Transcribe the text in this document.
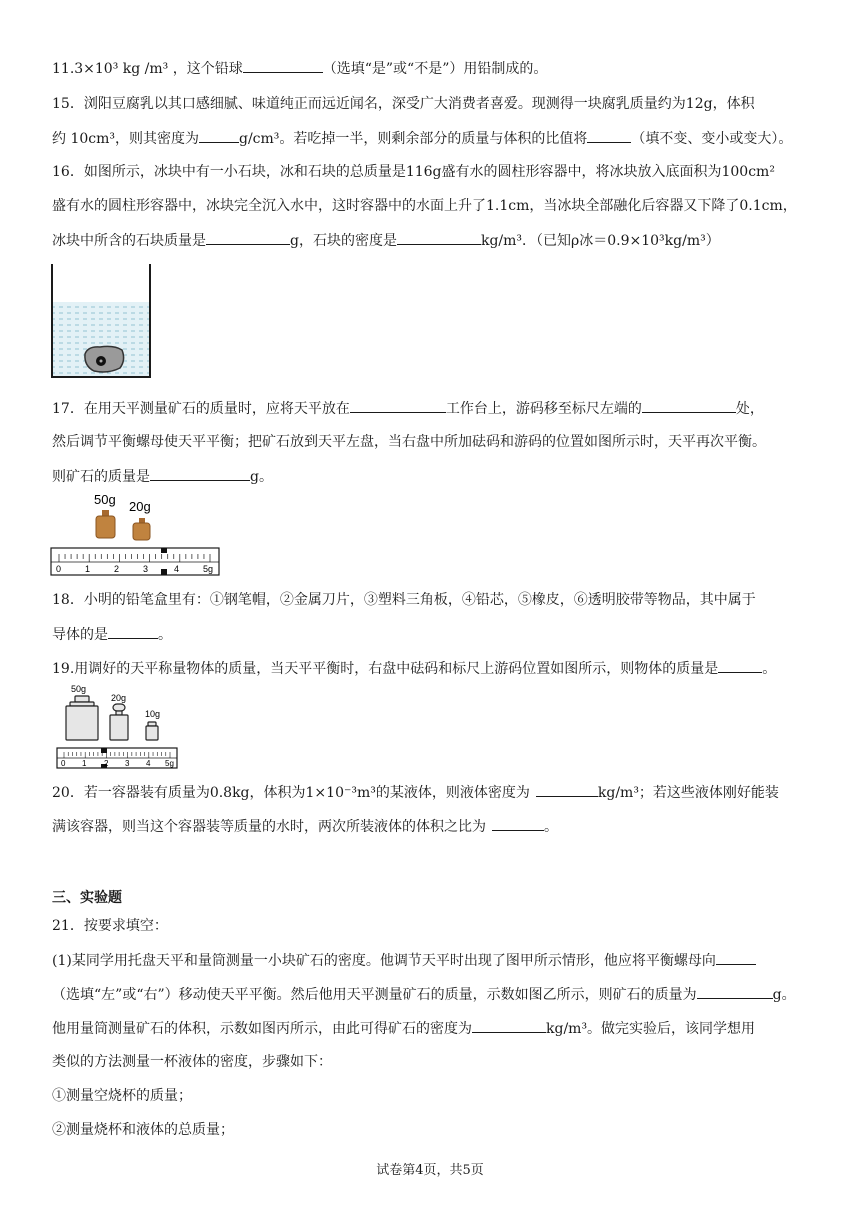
11.3×10³ kg /m³ ，这个铅球	（选填“是”或“不是”）用铅制成的。
15．浏阳豆腐乳以其口感细腻、味道纯正而远近闻名，深受广大消费者喜爱。现测得一块腐乳质量约为12g，体积
约 10cm³，则其密度为	g/cm³。若吃掉一半，则剩余部分的质量与体积的比值将	（填不变、变小或变大）。
16．如图所示，冰块中有一小石块，冰和石块的总质量是116g盛有水的圆柱形容器中，将冰块放入底面积为100cm²
盛有水的圆柱形容器中，冰块完全沉入水中，这时容器中的水面上升了1.1cm，当冰块全部融化后容器又下降了0.1cm，
冰块中所含的石块质量是	g，石块的密度是	kg/m³．（已知ρ冰＝0.9×10³kg/m³）
17．在用天平测量矿石的质量时，应将天平放在	工作台上，游码移至标尺左端的	处，
然后调节平衡螺母使天平平衡；把矿石放到天平左盘，当右盘中所加砝码和游码的位置如图所示时，天平再次平衡。
则矿石的质量是	g。
50g 20g
0	1	2	3	4	5g
18．小明的铅笔盒里有：①钢笔帽，②金属刀片，③塑料三角板，④铅芯，⑤橡皮，⑥透明胶带等物品，其中属于
导体的是	。
19.用调好的天平称量物体的质量，当天平平衡时，右盘中砝码和标尺上游码位置如图所示，则物体的质量是	。
50g
20g
10g
0 1 2 3 4 5g
20．若一容器装有质量为0.8kg，体积为1×10⁻³m³的某液体，则液体密度为	kg/m³；若这些液体刚好能装
满该容器，则当这个容器装等质量的水时，两次所装液体的体积之比为	。
三、实验题
21．按要求填空：
(1)某同学用托盘天平和量筒测量一小块矿石的密度。他调节天平时出现了图甲所示情形，他应将平衡螺母向
（选填“左”或“右”）移动使天平平衡。然后他用天平测量矿石的质量，示数如图乙所示，则矿石的质量为	g。
他用量筒测量矿石的体积，示数如图丙所示，由此可得矿石的密度为	kg/m³。做完实验后，该同学想用
类似的方法测量一杯液体的密度，步骤如下：
①测量空烧杯的质量；
②测量烧杯和液体的总质量；
试卷第4页，共5页
